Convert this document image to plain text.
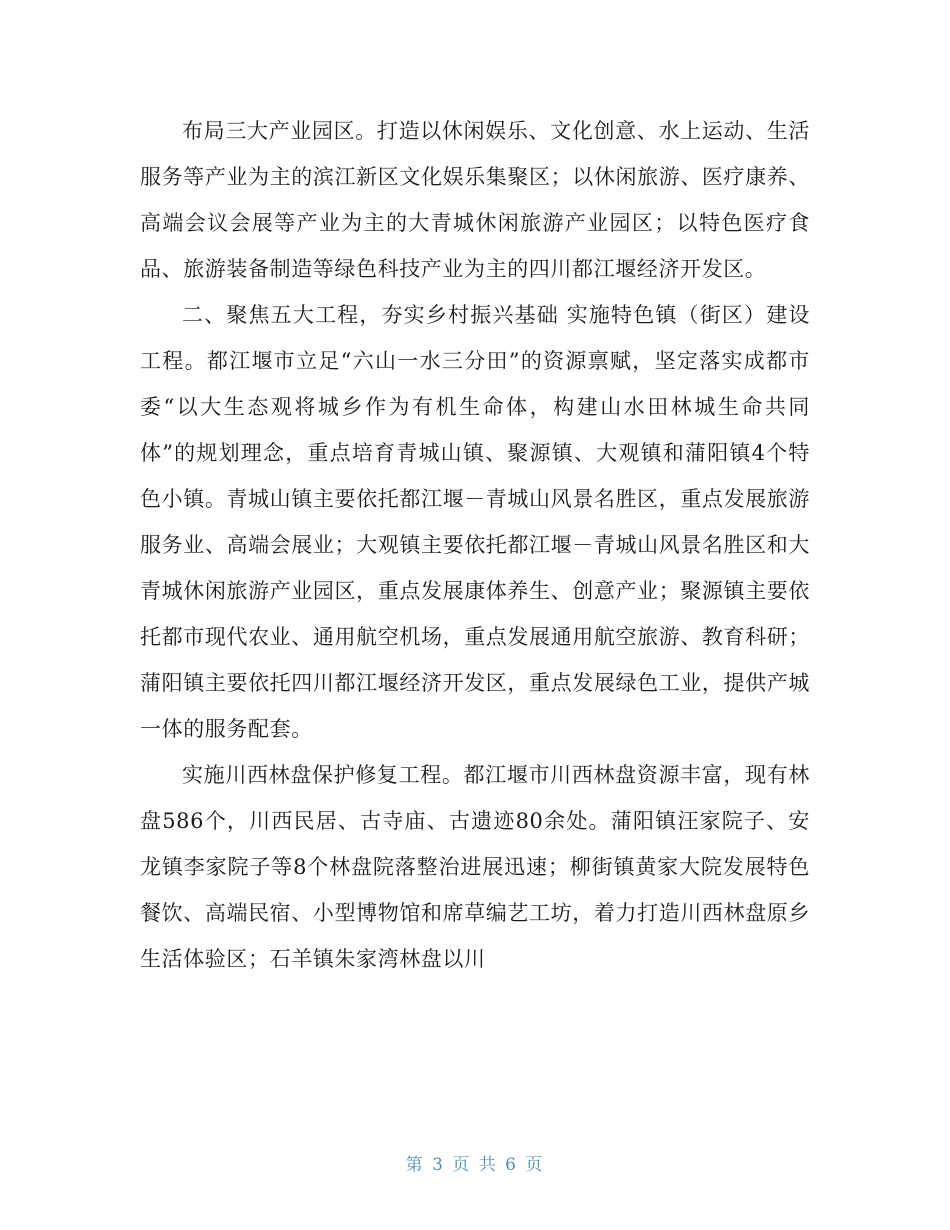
布局三大产业园区。打造以休闲娱乐、文化创意、水上运动、生活服务等产业为主的滨江新区文化娱乐集聚区；以休闲旅游、医疗康养、高端会议会展等产业为主的大青城休闲旅游产业园区；以特色医疗食品、旅游装备制造等绿色科技产业为主的四川都江堰经济开发区。

二、聚焦五大工程，夯实乡村振兴基础 实施特色镇（街区）建设工程。都江堰市立足“六山一水三分田”的资源禀赋，坚定落实成都市委“以大生态观将城乡作为有机生命体，构建山水田林城生命共同体”的规划理念，重点培育青城山镇、聚源镇、大观镇和蒲阳镇4个特色小镇。青城山镇主要依托都江堰－青城山风景名胜区，重点发展旅游服务业、高端会展业；大观镇主要依托都江堰－青城山风景名胜区和大青城休闲旅游产业园区，重点发展康体养生、创意产业；聚源镇主要依托都市现代农业、通用航空机场，重点发展通用航空旅游、教育科研；蒲阳镇主要依托四川都江堰经济开发区，重点发展绿色工业，提供产城一体的服务配套。

实施川西林盘保护修复工程。都江堰市川西林盘资源丰富，现有林盘586个，川西民居、古寺庙、古遗迹80余处。蒲阳镇汪家院子、安龙镇李家院子等8个林盘院落整治进展迅速；柳街镇黄家大院发展特色餐饮、高端民宿、小型博物馆和席草编艺工坊，着力打造川西林盘原乡生活体验区；石羊镇朱家湾林盘以川

第 3 页 共 6 页
